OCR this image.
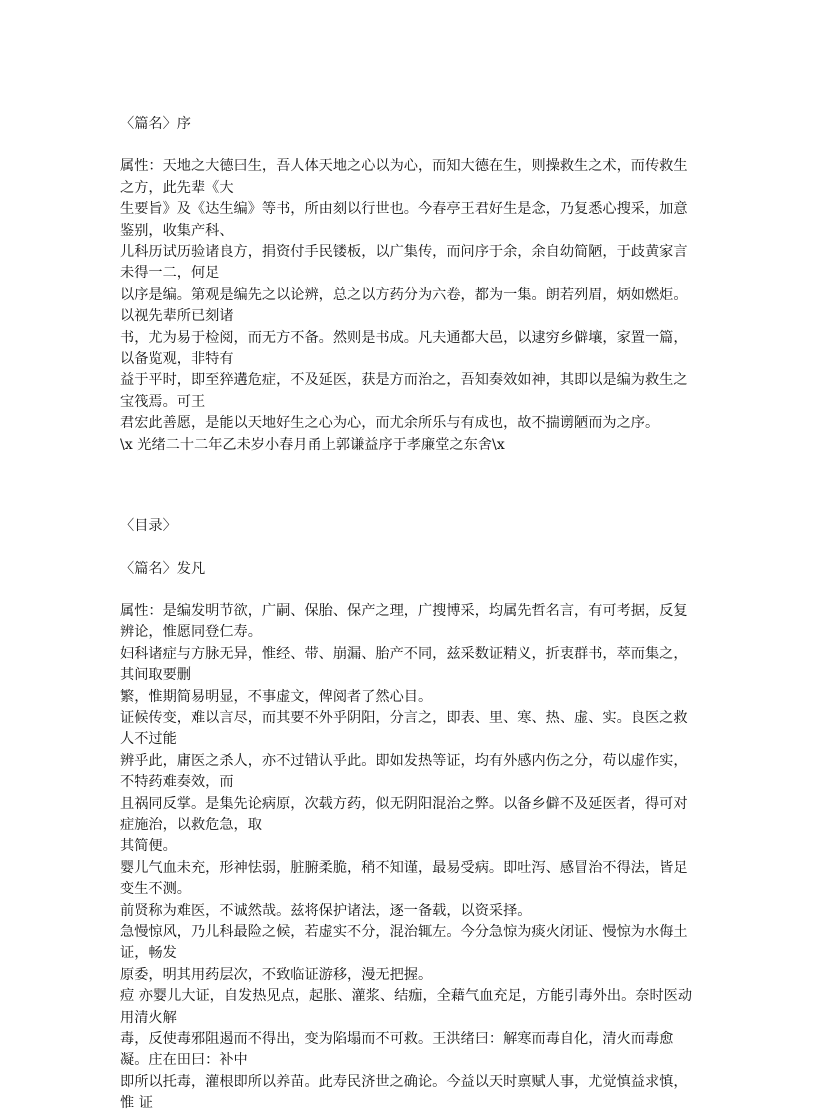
〈篇名〉序

属性：天地之大德曰生，吾人体天地之心以为心，而知大德在生，则操救生之术，而传救生之方，此先辈《大

生要旨》及《达生编》等书，所由刻以行世也。今春亭王君好生是念，乃复悉心搜采，加意鉴别，收集产科、

儿科历试历验诸良方，捐资付手民镂板，以广集传，而问序于余，余自幼简陋，于歧黄家言未得一二，何足

以序是编。第观是编先之以论辨，总之以方药分为六卷，都为一集。朗若列眉，炳如燃炬。以视先辈所已刻诸

书，尤为易于检阅，而无方不备。然则是书成。凡夫通都大邑，以逮穷乡僻壤，家置一篇，以备览观，非特有

益于平时，即至猝遘危症，不及延医，获是方而治之，吾知奏效如神，其即以是编为救生之宝筏焉。可王

君宏此善愿，是能以天地好生之心为心，而尤余所乐与有成也，故不揣谫陋而为之序。

\x 光绪二十二年乙未岁小春月甬上郭谦益序于孝廉堂之东舍\x

〈目录〉

〈篇名〉发凡

属性：是编发明节欲，广嗣、保胎、保产之理，广搜博采，均属先哲名言，有可考据，反复辨论，惟愿同登仁寿。

妇科诸症与方脉无异，惟经、带、崩漏、胎产不同，兹采数证精义，折衷群书，萃而集之，其间取要删

繁，惟期简易明显，不事虚文，俾阅者了然心目。

证候传变，难以言尽，而其要不外乎阴阳，分言之，即表、里、寒、热、虚、实。良医之救人不过能

辨乎此，庸医之杀人，亦不过错认乎此。即如发热等证，均有外感内伤之分，苟以虚作实，不特药难奏效，而

且祸同反掌。是集先论病原，次载方药，似无阴阳混治之弊。以备乡僻不及延医者，得可对症施治，以救危急，取

其简便。

婴儿气血未充，形神怯弱，脏腑柔脆，稍不知谨，最易受病。即吐泻、感冒治不得法，皆足变生不测。

前贤称为难医，不诚然哉。兹将保护诸法，逐一备载，以资采择。

急慢惊风，乃儿科最险之候，若虚实不分，混治辄左。今分急惊为痰火闭证、慢惊为水侮土证，畅发

原委，明其用药层次，不致临证游移，漫无把握。

痘 亦婴儿大证，自发热见点，起胀、灌浆、结痂，全藉气血充足，方能引毒外出。奈时医动用清火解

毒，反使毒邪阻遏而不得出，变为陷塌而不可救。王洪绪曰：解寒而毒自化，清火而毒愈凝。庄在田曰：补中

即所以托毒，灌根即所以养苗。此寿民济世之确论。今益以天时禀赋人事，尤觉慎益求慎，惟 证
